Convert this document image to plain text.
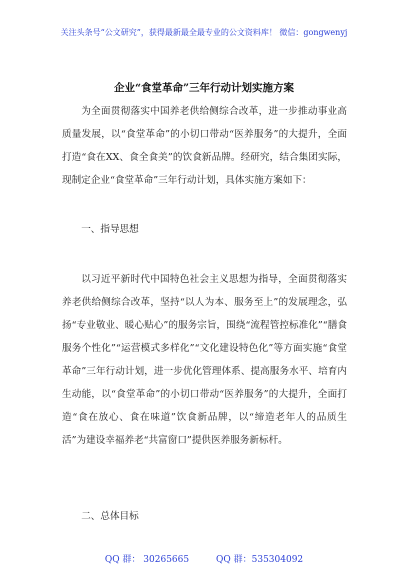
关注头条号“公文研究”，获得最新最全最专业的公文资料库！ 微信：gongwenyj
企业“食堂革命”三年行动计划实施方案
为全面贯彻落实中国养老供给侧综合改革，进一步推动事业高质量发展，以“食堂革命”的小切口带动“医养服务”的大提升，全面打造“食在XX、食全食美”的饮食新品牌。经研究，结合集团实际，现制定企业“食堂革命”三年行动计划，具体实施方案如下：
一、指导思想
以习近平新时代中国特色社会主义思想为指导，全面贯彻落实养老供给侧综合改革，坚持“以人为本、服务至上”的发展理念，弘扬“专业敬业、暖心贴心”的服务宗旨，围绕“流程管控标准化”“膳食服务个性化”“运营模式多样化”“文化建设特色化”等方面实施“食堂革命”三年行动计划，进一步优化管理体系、提高服务水平、培育内生动能，以“食堂革命”的小切口带动“医养服务”的大提升，全面打造“食在放心、食在味道”饮食新品牌，以“缔造老年人的品质生活”为建设幸福养老“共富窗口”提供医养服务新标杆。
二、总体目标
QQ 群： 30265665	QQ 群：535304092
